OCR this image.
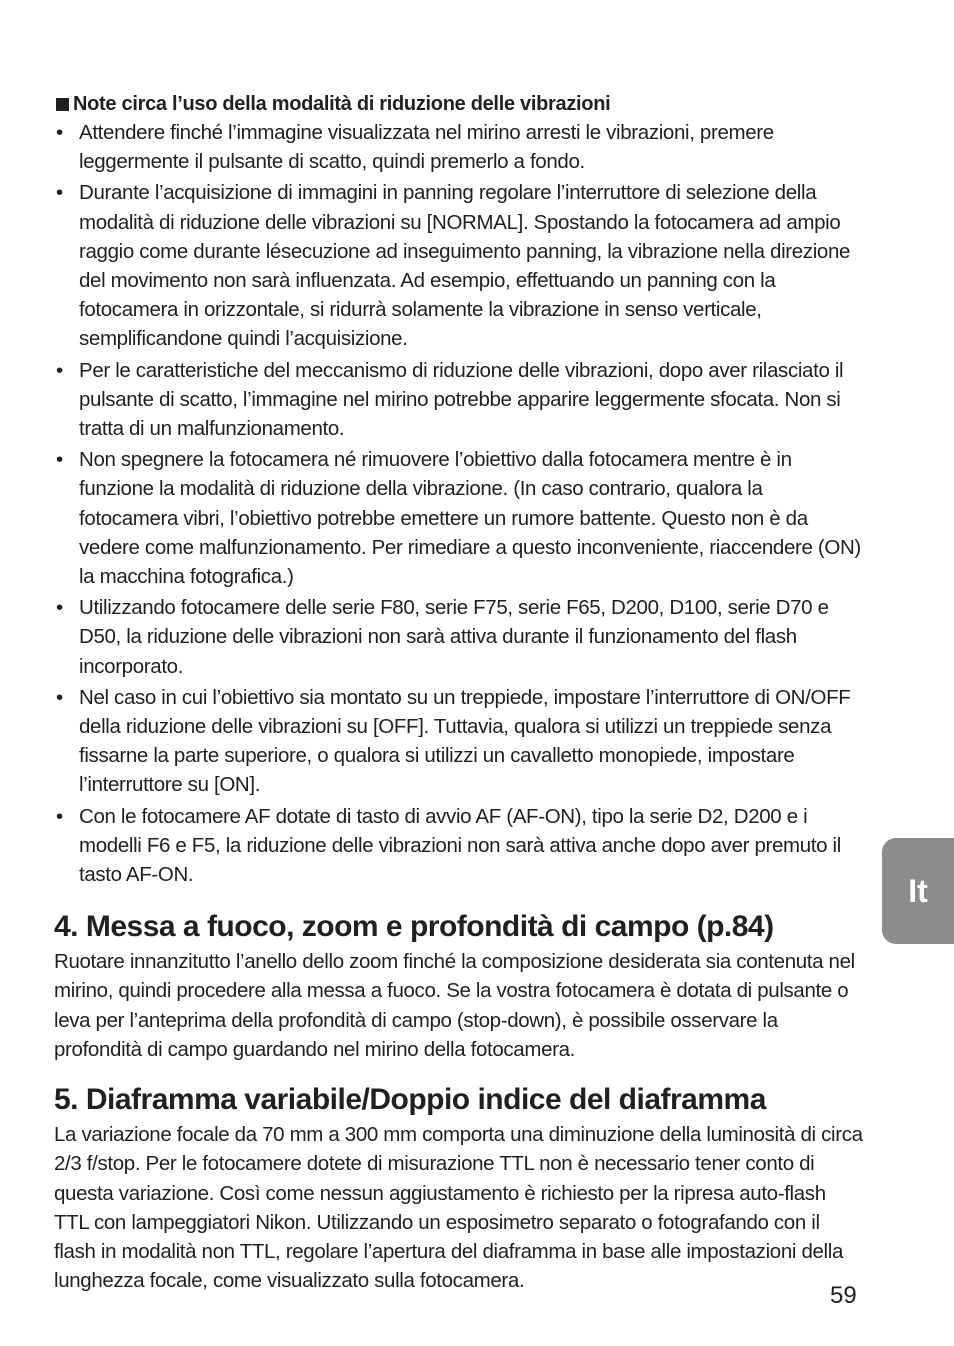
Note circa l’uso della modalità di riduzione delle vibrazioni
• Attendere finché l’immagine visualizzata nel mirino arresti le vibrazioni, premere leggermente il pulsante di scatto, quindi premerlo a fondo.
• Durante l’acquisizione di immagini in panning regolare l’interruttore di selezione della modalità di riduzione delle vibrazioni su [NORMAL]. Spostando la fotocamera ad ampio raggio come durante lésecuzione ad inseguimento panning, la vibrazione nella direzione del movimento non sarà influenzata. Ad esempio, effettuando un panning con la fotocamera in orizzontale, si ridurrà solamente la vibrazione in senso verticale, semplificandone quindi l’acquisizione.
• Per le caratteristiche del meccanismo di riduzione delle vibrazioni, dopo aver rilasciato il pulsante di scatto, l’immagine nel mirino potrebbe apparire leggermente sfocata. Non si tratta di un malfunzionamento.
• Non spegnere la fotocamera né rimuovere l’obiettivo dalla fotocamera mentre è in funzione la modalità di riduzione della vibrazione. (In caso contrario, qualora la fotocamera vibri, l’obiettivo potrebbe emettere un rumore battente. Questo non è da vedere come malfunzionamento. Per rimediare a questo inconveniente, riaccendere (ON) la macchina fotografica.)
• Utilizzando fotocamere delle serie F80, serie F75, serie F65, D200, D100, serie D70 e D50, la riduzione delle vibrazioni non sarà attiva durante il funzionamento del flash incorporato.
• Nel caso in cui l’obiettivo sia montato su un treppiede, impostare l’interruttore di ON/OFF della riduzione delle vibrazioni su [OFF]. Tuttavia, qualora si utilizzi un treppiede senza fissarne la parte superiore, o qualora si utilizzi un cavalletto monopiede, impostare l’interruttore su [ON].
• Con le fotocamere AF dotate di tasto di avvio AF (AF-ON), tipo la serie D2, D200 e i modelli F6 e F5, la riduzione delle vibrazioni non sarà attiva anche dopo aver premuto il tasto AF-ON.
4. Messa a fuoco, zoom e profondità di campo (p.84)

Ruotare innanzitutto l’anello dello zoom finché la composizione desiderata sia contenuta nel mirino, quindi procedere alla messa a fuoco. Se la vostra fotocamera è dotata di pulsante o leva per l’anteprima della profondità di campo (stop-down), è possibile osservare la profondità di campo guardando nel mirino della fotocamera.

5. Diaframma variabile/Doppio indice del diaframma

La variazione focale da 70 mm a 300 mm comporta una diminuzione della luminosità di circa 2/3 f/stop. Per le fotocamere dotete di misurazione TTL non è necessario tener conto di questa variazione. Così come nessun aggiustamento è richiesto per la ripresa auto-flash TTL con lampeggiatori Nikon. Utilizzando un esposimetro separato o fotografando con il flash in modalità non TTL, regolare l’apertura del diaframma in base alle impostazioni della lunghezza focale, come visualizzato sulla fotocamera.

It
59
